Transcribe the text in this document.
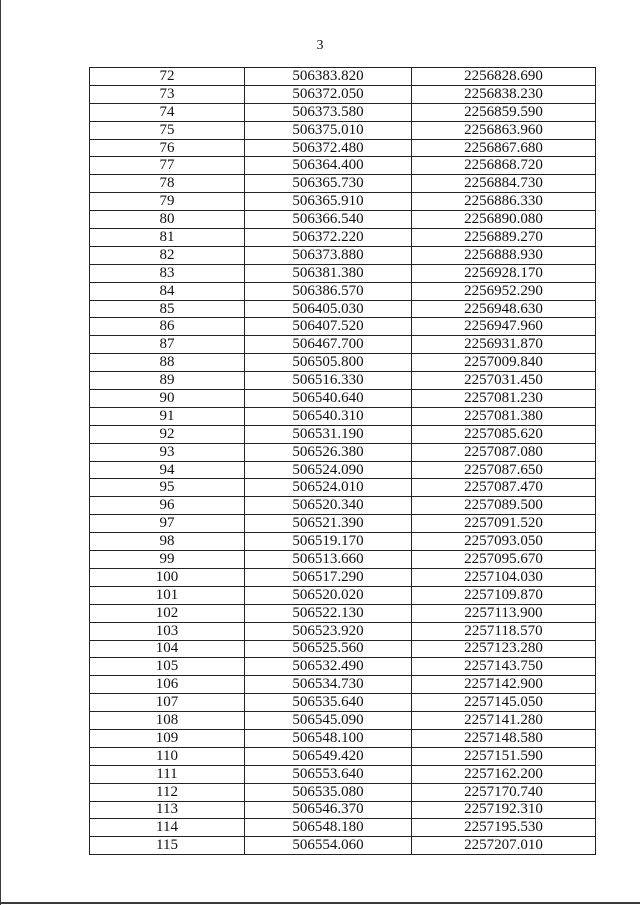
3
72	506383.820	2256828.690
73	506372.050	2256838.230
74	506373.580	2256859.590
75	506375.010	2256863.960
76	506372.480	2256867.680
77	506364.400	2256868.720
78	506365.730	2256884.730
79	506365.910	2256886.330
80	506366.540	2256890.080
81	506372.220	2256889.270
82	506373.880	2256888.930
83	506381.380	2256928.170
84	506386.570	2256952.290
85	506405.030	2256948.630
86	506407.520	2256947.960
87	506467.700	2256931.870
88	506505.800	2257009.840
89	506516.330	2257031.450
90	506540.640	2257081.230
91	506540.310	2257081.380
92	506531.190	2257085.620
93	506526.380	2257087.080
94	506524.090	2257087.650
95	506524.010	2257087.470
96	506520.340	2257089.500
97	506521.390	2257091.520
98	506519.170	2257093.050
99	506513.660	2257095.670
100	506517.290	2257104.030
101	506520.020	2257109.870
102	506522.130	2257113.900
103	506523.920	2257118.570
104	506525.560	2257123.280
105	506532.490	2257143.750
106	506534.730	2257142.900
107	506535.640	2257145.050
108	506545.090	2257141.280
109	506548.100	2257148.580
110	506549.420	2257151.590
111	506553.640	2257162.200
112	506535.080	2257170.740
113	506546.370	2257192.310
114	506548.180	2257195.530
115	506554.060	2257207.010
